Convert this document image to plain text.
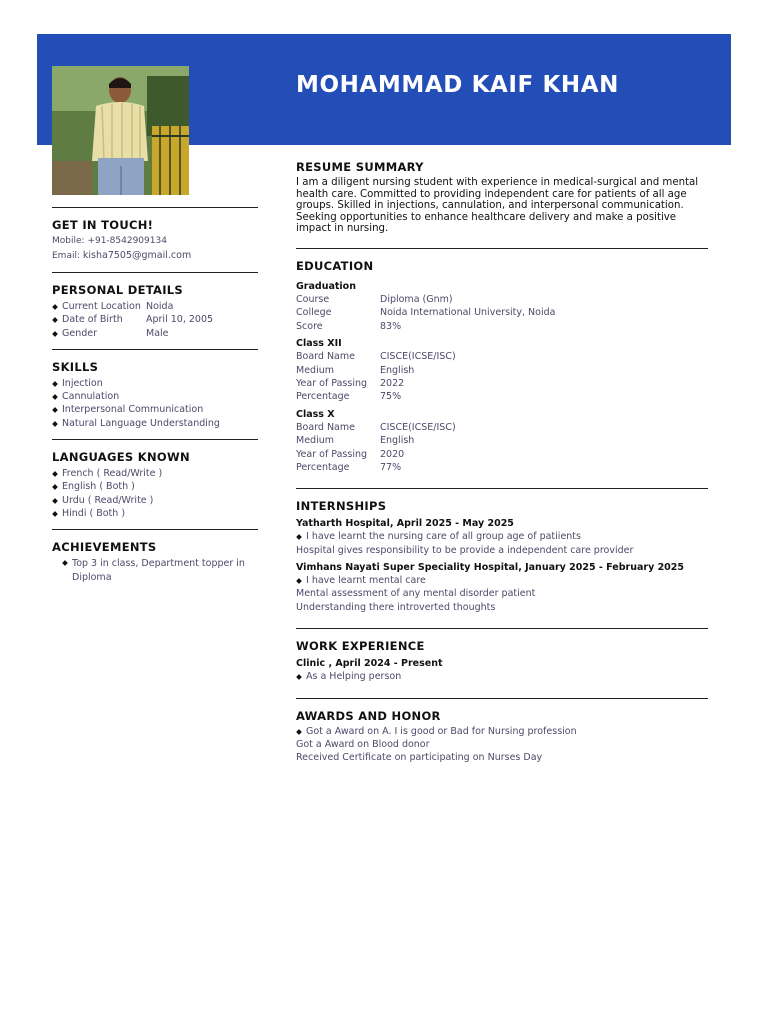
MOHAMMAD KAIF KHAN
GET IN TOUCH!
Mobile: +91-8542909134
Email: kisha7505@gmail.com
PERSONAL DETAILS
Current Location Noida
Date of Birth April 10, 2005
Gender	Male
SKILLS
Injection
Cannulation
Interpersonal Communication
Natural Language Understanding
LANGUAGES KNOWN
French ( Read/Write )
English ( Both )
Urdu ( Read/Write )
Hindi ( Both )
ACHIEVEMENTS
Top 3 in class, Department topper in Diploma
RESUME SUMMARY
I am a diligent nursing student with experience in medical-surgical and mental health care. Committed to providing independent care for patients of all age groups. Skilled in injections, cannulation, and interpersonal communication. Seeking opportunities to enhance healthcare delivery and make a positive impact in nursing.
EDUCATION
Graduation
Course	Diploma (Gnm)
College	Noida International University, Noida
Score	83%
Class XII
Board Name	CISCE(ICSE/ISC)
Medium	English
Year of Passing	2022
Percentage	75%
Class X
Board Name	CISCE(ICSE/ISC)
Medium	English
Year of Passing	2020
Percentage	77%
INTERNSHIPS
Yatharth Hospital, April 2025 - May 2025
I have learnt the nursing care of all group age of patiients
Hospital gives responsibility to be provide a independent care provider
Vimhans Nayati Super Speciality Hospital, January 2025 - February 2025
I have learnt mental care
Mental assessment of any mental disorder patient
Understanding there introverted thoughts
WORK EXPERIENCE
Clinic , April 2024 - Present
As a Helping person
AWARDS AND HONOR
Got a Award on A. I is good or Bad for Nursing profession
Got a Award on Blood donor
Received Certificate on participating on Nurses Day
